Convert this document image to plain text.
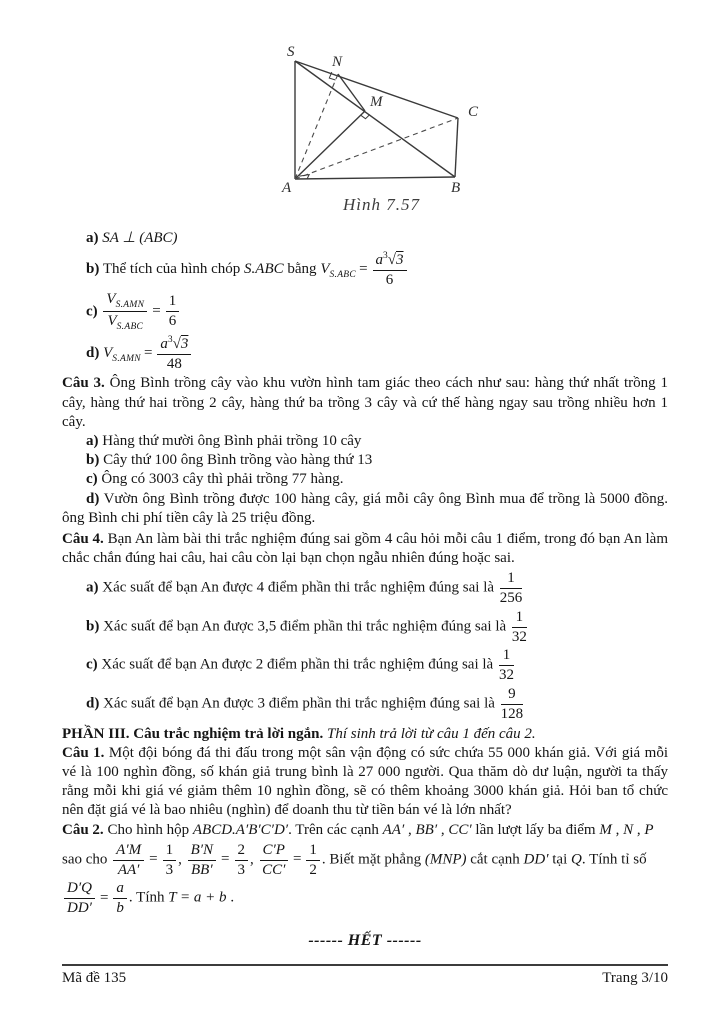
S
N
M
C
A	B
Hình 7.57
a) SA ⊥ (ABC)
b) Thể tích của hình chóp S.ABC bằng $V_{S.ABC} = \frac{a^3√3}{6}$
$c) \frac{V_{S.AMN}}{V_{S.ABC}} = \frac{1}{6}$
d) $V_{S.AMN} = \frac{a^3√3}{48}$

Câu 3. Ông Bình trồng cây vào khu vườn hình tam giác theo cách như sau: hàng thứ nhất trồng 1 cây, hàng thứ hai trồng 2 cây, hàng thứ ba trồng 3 cây và cứ thế hàng ngay sau trồng nhiều hơn 1 cây.

a) Hàng thứ mười ông Bình phải trồng 10 cây
b) Cây thứ 100 ông Bình trồng vào hàng thứ 13
c) Ông có 3003 cây thì phải trồng 77 hàng.
d) Vườn ông Bình trồng được 100 hàng cây, giá mỗi cây ông Bình mua để trồng là 5000 đồng. ông Bình chi phí tiền cây là 25 triệu đồng.

Câu 4. Bạn An làm bài thi trắc nghiệm đúng sai gồm 4 câu hỏi mỗi câu 1 điểm, trong đó bạn An làm chắc chắn đúng hai câu, hai câu còn lại bạn chọn ngẫu nhiên đúng hoặc sai.

a) Xác suất để bạn An được 4 điểm phần thi trắc nghiệm đúng sai là $\frac{1}{256}$
b) Xác suất để bạn An được 3,5 điểm phần thi trắc nghiệm đúng sai là $\frac{1}{32}$
c) Xác suất để bạn An được 2 điểm phần thi trắc nghiệm đúng sai là $\frac{1}{32}$
d) Xác suất để bạn An được 3 điểm phần thi trắc nghiệm đúng sai là $\frac{9}{128}$

PHẦN III. Câu trắc nghiệm trả lời ngắn. Thí sinh trả lời từ câu 1 đến câu 2.

Câu 1. Một đội bóng đá thi đấu trong một sân vận động có sức chứa 55 000 khán giả. Với giá mỗi vé là 100 nghìn đồng, số khán giả trung bình là 27 000 người. Qua thăm dò dư luận, người ta thấy rằng mỗi khi giá vé giảm thêm 10 nghìn đồng, sẽ có thêm khoảng 3000 khán giả. Hỏi ban tổ chức nên đặt giá vé là bao nhiêu (nghìn) để doanh thu từ tiền bán vé là lớn nhất?

Câu 2. Cho hình hộp ABCD.A′B′C′D′. Trên các cạnh AA′ , BB′ , CC′ lần lượt lấy ba điểm M , N , P

sao cho $\frac{A'M}{AA'} = \frac{1}{3}$ , $\frac{B'N}{BB'} = \frac{2}{3}$ , $\frac{C'P}{CC'} = \frac{1}{2}$ . Biết mặt phẳng (MNP) cắt cạnh DD′ tại Q. Tính tỉ số

$\frac{D'Q}{DD'} = \frac{a}{b}$ . Tính T = a + b .

------ HẾT ------
Mã đề 135	Trang 3/10
